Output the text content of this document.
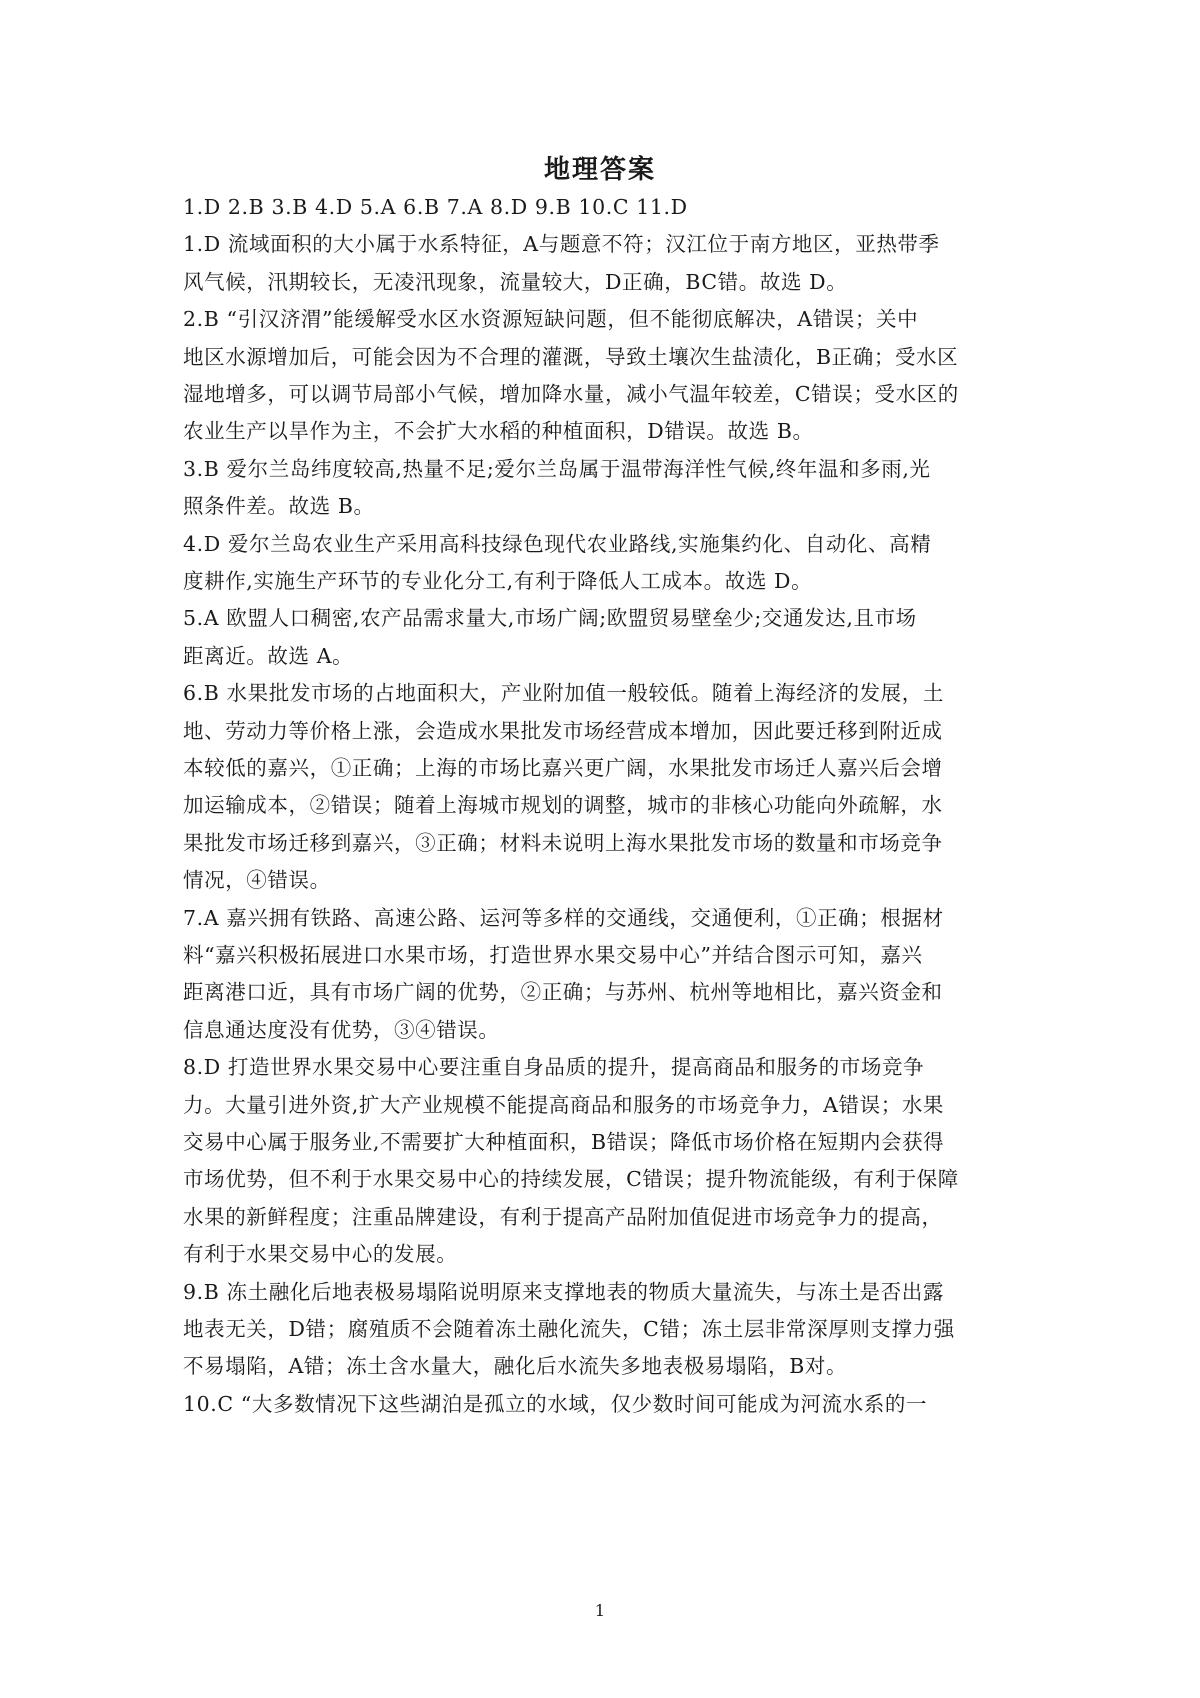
地理答案
1.D 2.B 3.B 4.D 5.A 6.B 7.A 8.D 9.B 10.C 11.D
1.D 流域面积的大小属于水系特征，A与题意不符；汉江位于南方地区，亚热带季
风气候，汛期较长，无凌汛现象，流量较大，D正确，BC错。故选 D。
2.B “引汉济渭”能缓解受水区水资源短缺问题，但不能彻底解决，A错误；关中
地区水源增加后，可能会因为不合理的灌溉，导致土壤次生盐渍化，B正确；受水区
湿地增多，可以调节局部小气候，增加降水量，减小气温年较差，C错误；受水区的
农业生产以旱作为主，不会扩大水稻的种植面积，D错误。故选 B。
3.B 爱尔兰岛纬度较高,热量不足;爱尔兰岛属于温带海洋性气候,终年温和多雨,光
照条件差。故选 B。
4.D 爱尔兰岛农业生产采用高科技绿色现代农业路线,实施集约化、自动化、高精
度耕作,实施生产环节的专业化分工,有利于降低人工成本。故选 D。
5.A 欧盟人口稠密,农产品需求量大,市场广阔;欧盟贸易壁垒少;交通发达,且市场
距离近。故选 A。
6.B 水果批发市场的占地面积大，产业附加值一般较低。随着上海经济的发展，土
地、劳动力等价格上涨，会造成水果批发市场经营成本增加，因此要迁移到附近成
本较低的嘉兴，①正确；上海的市场比嘉兴更广阔，水果批发市场迁人嘉兴后会增
加运输成本，②错误；随着上海城市规划的调整，城市的非核心功能向外疏解，水
果批发市场迁移到嘉兴，③正确；材料未说明上海水果批发市场的数量和市场竞争
情况，④错误。
7.A 嘉兴拥有铁路、高速公路、运河等多样的交通线，交通便利，①正确；根据材
料“嘉兴积极拓展进口水果市场，打造世界水果交易中心”并结合图示可知，嘉兴
距离港口近，具有市场广阔的优势，②正确；与苏州、杭州等地相比，嘉兴资金和
信息通达度没有优势，③④错误。
8.D 打造世界水果交易中心要注重自身品质的提升，提高商品和服务的市场竞争
力。大量引进外资,扩大产业规模不能提高商品和服务的市场竞争力，A错误；水果
交易中心属于服务业,不需要扩大种植面积，B错误；降低市场价格在短期内会获得
市场优势，但不利于水果交易中心的持续发展，C错误；提升物流能级，有利于保障
水果的新鲜程度；注重品牌建设，有利于提高产品附加值促进市场竞争力的提高，
有利于水果交易中心的发展。
9.B 冻土融化后地表极易塌陷说明原来支撑地表的物质大量流失，与冻土是否出露
地表无关，D错；腐殖质不会随着冻土融化流失，C错；冻土层非常深厚则支撑力强
不易塌陷，A错；冻土含水量大，融化后水流失多地表极易塌陷，B对。
10.C “大多数情况下这些湖泊是孤立的水域，仅少数时间可能成为河流水系的一
1
